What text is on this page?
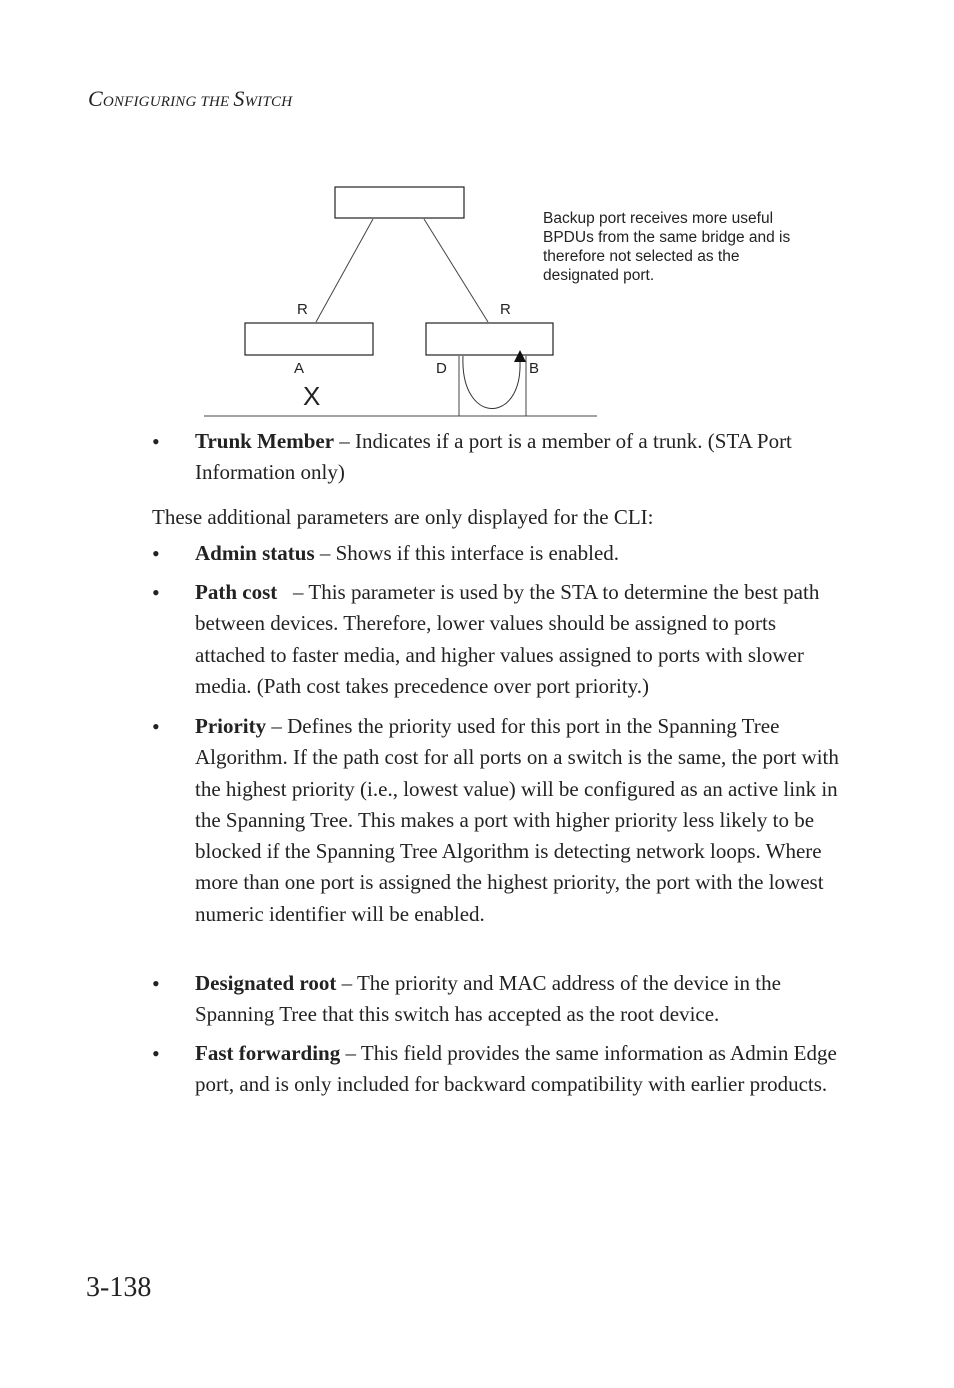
CONFIGURING THE SWITCH
R	R
A	D	B
X
Backup port receives more useful BPDUs from the same bridge and is therefore not selected as the designated port.
• Trunk Member – Indicates if a port is a member of a trunk. (STA Port Information only)
These additional parameters are only displayed for the CLI:
• Admin status – Shows if this interface is enabled.
• Path cost   – This parameter is used by the STA to determine the best path between devices. Therefore, lower values should be assigned to ports attached to faster media, and higher values assigned to ports with slower media. (Path cost takes precedence over port priority.)
• Priority – Defines the priority used for this port in the Spanning Tree Algorithm. If the path cost for all ports on a switch is the same, the port with the highest priority (i.e., lowest value) will be configured as an active link in the Spanning Tree. This makes a port with higher priority less likely to be blocked if the Spanning Tree Algorithm is detecting network loops. Where more than one port is assigned the highest priority, the port with the lowest numeric identifier will be enabled.
• Designated root – The priority and MAC address of the device in the Spanning Tree that this switch has accepted as the root device.
• Fast forwarding – This field provides the same information as Admin Edge port, and is only included for backward compatibility with earlier products.
3-138
